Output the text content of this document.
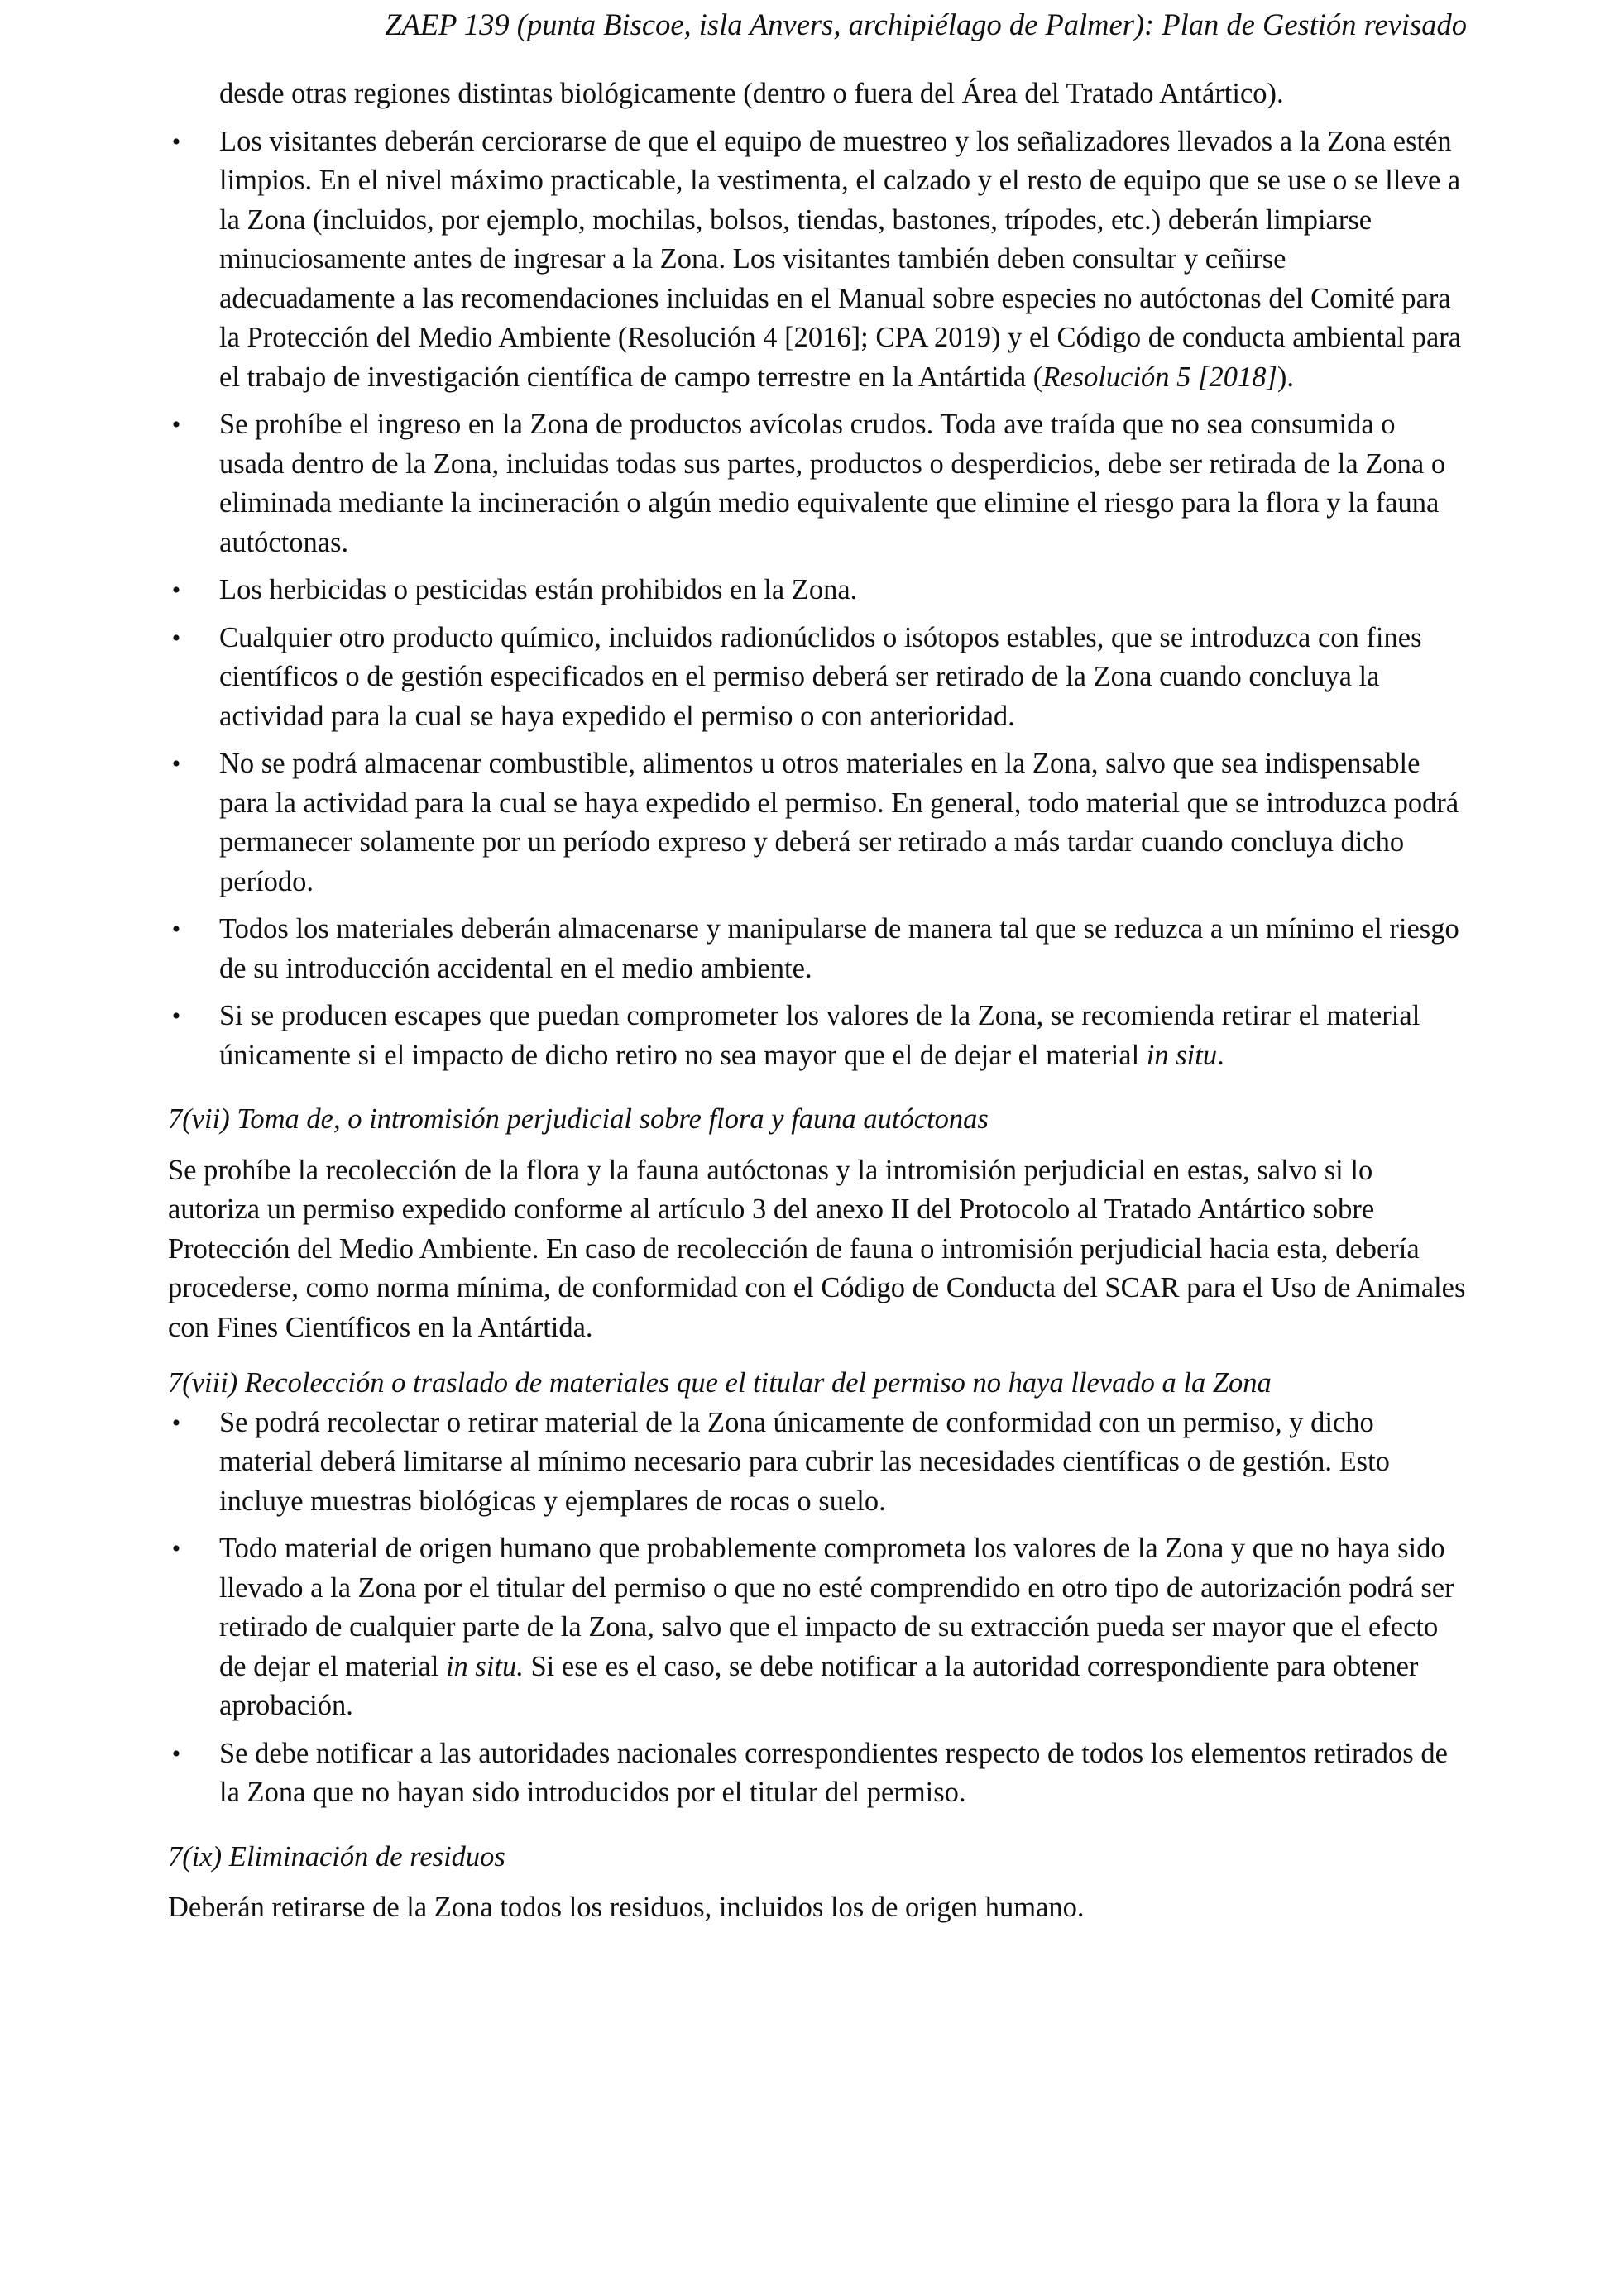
ZAEP 139 (punta Biscoe, isla Anvers, archipiélago de Palmer): Plan de Gestión revisado
desde otras regiones distintas biológicamente (dentro o fuera del Área del Tratado Antártico).
• Los visitantes deberán cerciorarse de que el equipo de muestreo y los señalizadores llevados a la Zona estén limpios. En el nivel máximo practicable, la vestimenta, el calzado y el resto de equipo que se use o se lleve a la Zona (incluidos, por ejemplo, mochilas, bolsos, tiendas, bastones, trípodes, etc.) deberán limpiarse minuciosamente antes de ingresar a la Zona. Los visitantes también deben consultar y ceñirse adecuadamente a las recomendaciones incluidas en el Manual sobre especies no autóctonas del Comité para la Protección del Medio Ambiente (Resolución 4 [2016]; CPA 2019) y el Código de conducta ambiental para el trabajo de investigación científica de campo terrestre en la Antártida (Resolución 5 [2018]).
• Se prohíbe el ingreso en la Zona de productos avícolas crudos. Toda ave traída que no sea consumida o usada dentro de la Zona, incluidas todas sus partes, productos o desperdicios, debe ser retirada de la Zona o eliminada mediante la incineración o algún medio equivalente que elimine el riesgo para la flora y la fauna autóctonas.
• Los herbicidas o pesticidas están prohibidos en la Zona.
• Cualquier otro producto químico, incluidos radionúclidos o isótopos estables, que se introduzca con fines científicos o de gestión especificados en el permiso deberá ser retirado de la Zona cuando concluya la actividad para la cual se haya expedido el permiso o con anterioridad.
• No se podrá almacenar combustible, alimentos u otros materiales en la Zona, salvo que sea indispensable para la actividad para la cual se haya expedido el permiso. En general, todo material que se introduzca podrá permanecer solamente por un período expreso y deberá ser retirado a más tardar cuando concluya dicho período.
• Todos los materiales deberán almacenarse y manipularse de manera tal que se reduzca a un mínimo el riesgo de su introducción accidental en el medio ambiente.
• Si se producen escapes que puedan comprometer los valores de la Zona, se recomienda retirar el material únicamente si el impacto de dicho retiro no sea mayor que el de dejar el material in situ.

7(vii) Toma de, o intromisión perjudicial sobre flora y fauna autóctonas

Se prohíbe la recolección de la flora y la fauna autóctonas y la intromisión perjudicial en estas, salvo si lo autoriza un permiso expedido conforme al artículo 3 del anexo II del Protocolo al Tratado Antártico sobre Protección del Medio Ambiente. En caso de recolección de fauna o intromisión perjudicial hacia esta, debería procederse, como norma mínima, de conformidad con el Código de Conducta del SCAR para el Uso de Animales con Fines Científicos en la Antártida.

7(viii) Recolección o traslado de materiales que el titular del permiso no haya llevado a la Zona

• Se podrá recolectar o retirar material de la Zona únicamente de conformidad con un permiso, y dicho material deberá limitarse al mínimo necesario para cubrir las necesidades científicas o de gestión. Esto incluye muestras biológicas y ejemplares de rocas o suelo.
• Todo material de origen humano que probablemente comprometa los valores de la Zona y que no haya sido llevado a la Zona por el titular del permiso o que no esté comprendido en otro tipo de autorización podrá ser retirado de cualquier parte de la Zona, salvo que el impacto de su extracción pueda ser mayor que el efecto de dejar el material in situ. Si ese es el caso, se debe notificar a la autoridad correspondiente para obtener aprobación.
• Se debe notificar a las autoridades nacionales correspondientes respecto de todos los elementos retirados de la Zona que no hayan sido introducidos por el titular del permiso.

7(ix) Eliminación de residuos

Deberán retirarse de la Zona todos los residuos, incluidos los de origen humano.
